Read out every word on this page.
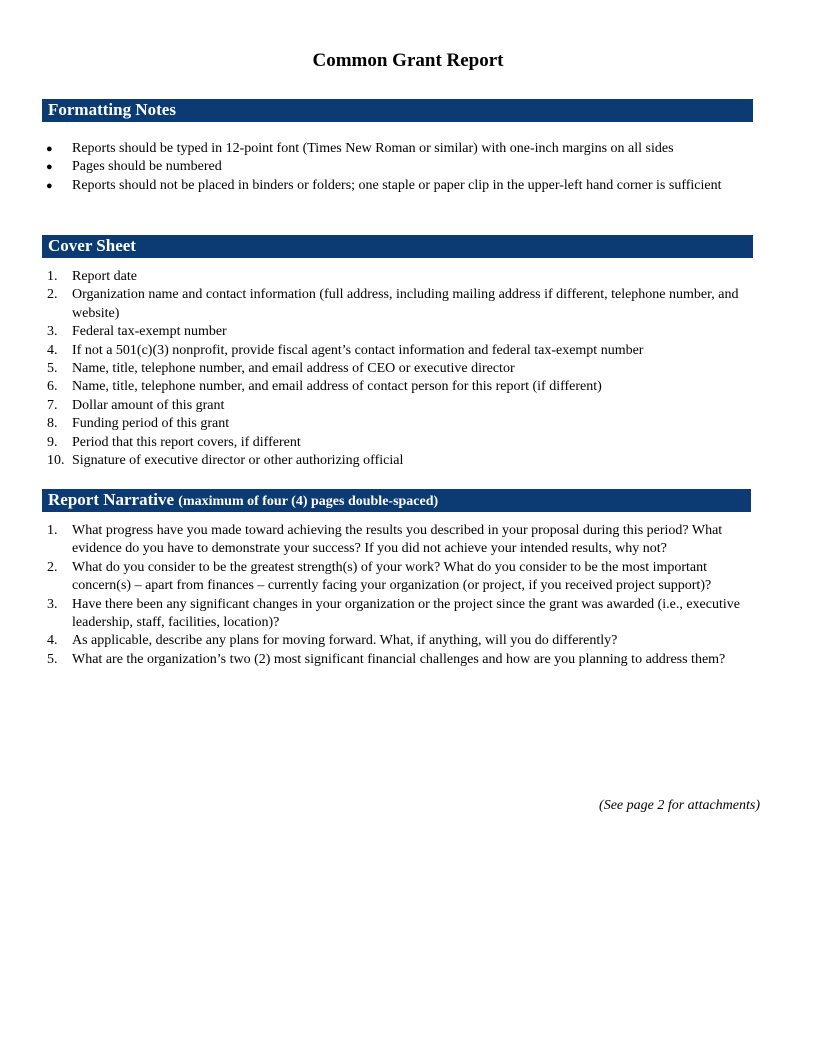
Common Grant Report
Formatting Notes
● Reports should be typed in 12-point font (Times New Roman or similar) with one-inch margins on all sides
● Pages should be numbered
● Reports should not be placed in binders or folders; one staple or paper clip in the upper-left hand corner is sufficient
Cover Sheet
1. Report date
2. Organization name and contact information (full address, including mailing address if different, telephone number, and website)
3. Federal tax-exempt number
4. If not a 501(c)(3) nonprofit, provide fiscal agent’s contact information and federal tax-exempt number
5. Name, title, telephone number, and email address of CEO or executive director
6. Name, title, telephone number, and email address of contact person for this report (if different)
7. Dollar amount of this grant
8. Funding period of this grant
9. Period that this report covers, if different
10. Signature of executive director or other authorizing official
Report Narrative (maximum of four (4) pages double-spaced)
1. What progress have you made toward achieving the results you described in your proposal during this period? What evidence do you have to demonstrate your success? If you did not achieve your intended results, why not?
2. What do you consider to be the greatest strength(s) of your work? What do you consider to be the most important concern(s) – apart from finances – currently facing your organization (or project, if you received project support)?
3. Have there been any significant changes in your organization or the project since the grant was awarded (i.e., executive leadership, staff, facilities, location)?
4. As applicable, describe any plans for moving forward. What, if anything, will you do differently?
5. What are the organization’s two (2) most significant financial challenges and how are you planning to address them?
(See page 2 for attachments)
